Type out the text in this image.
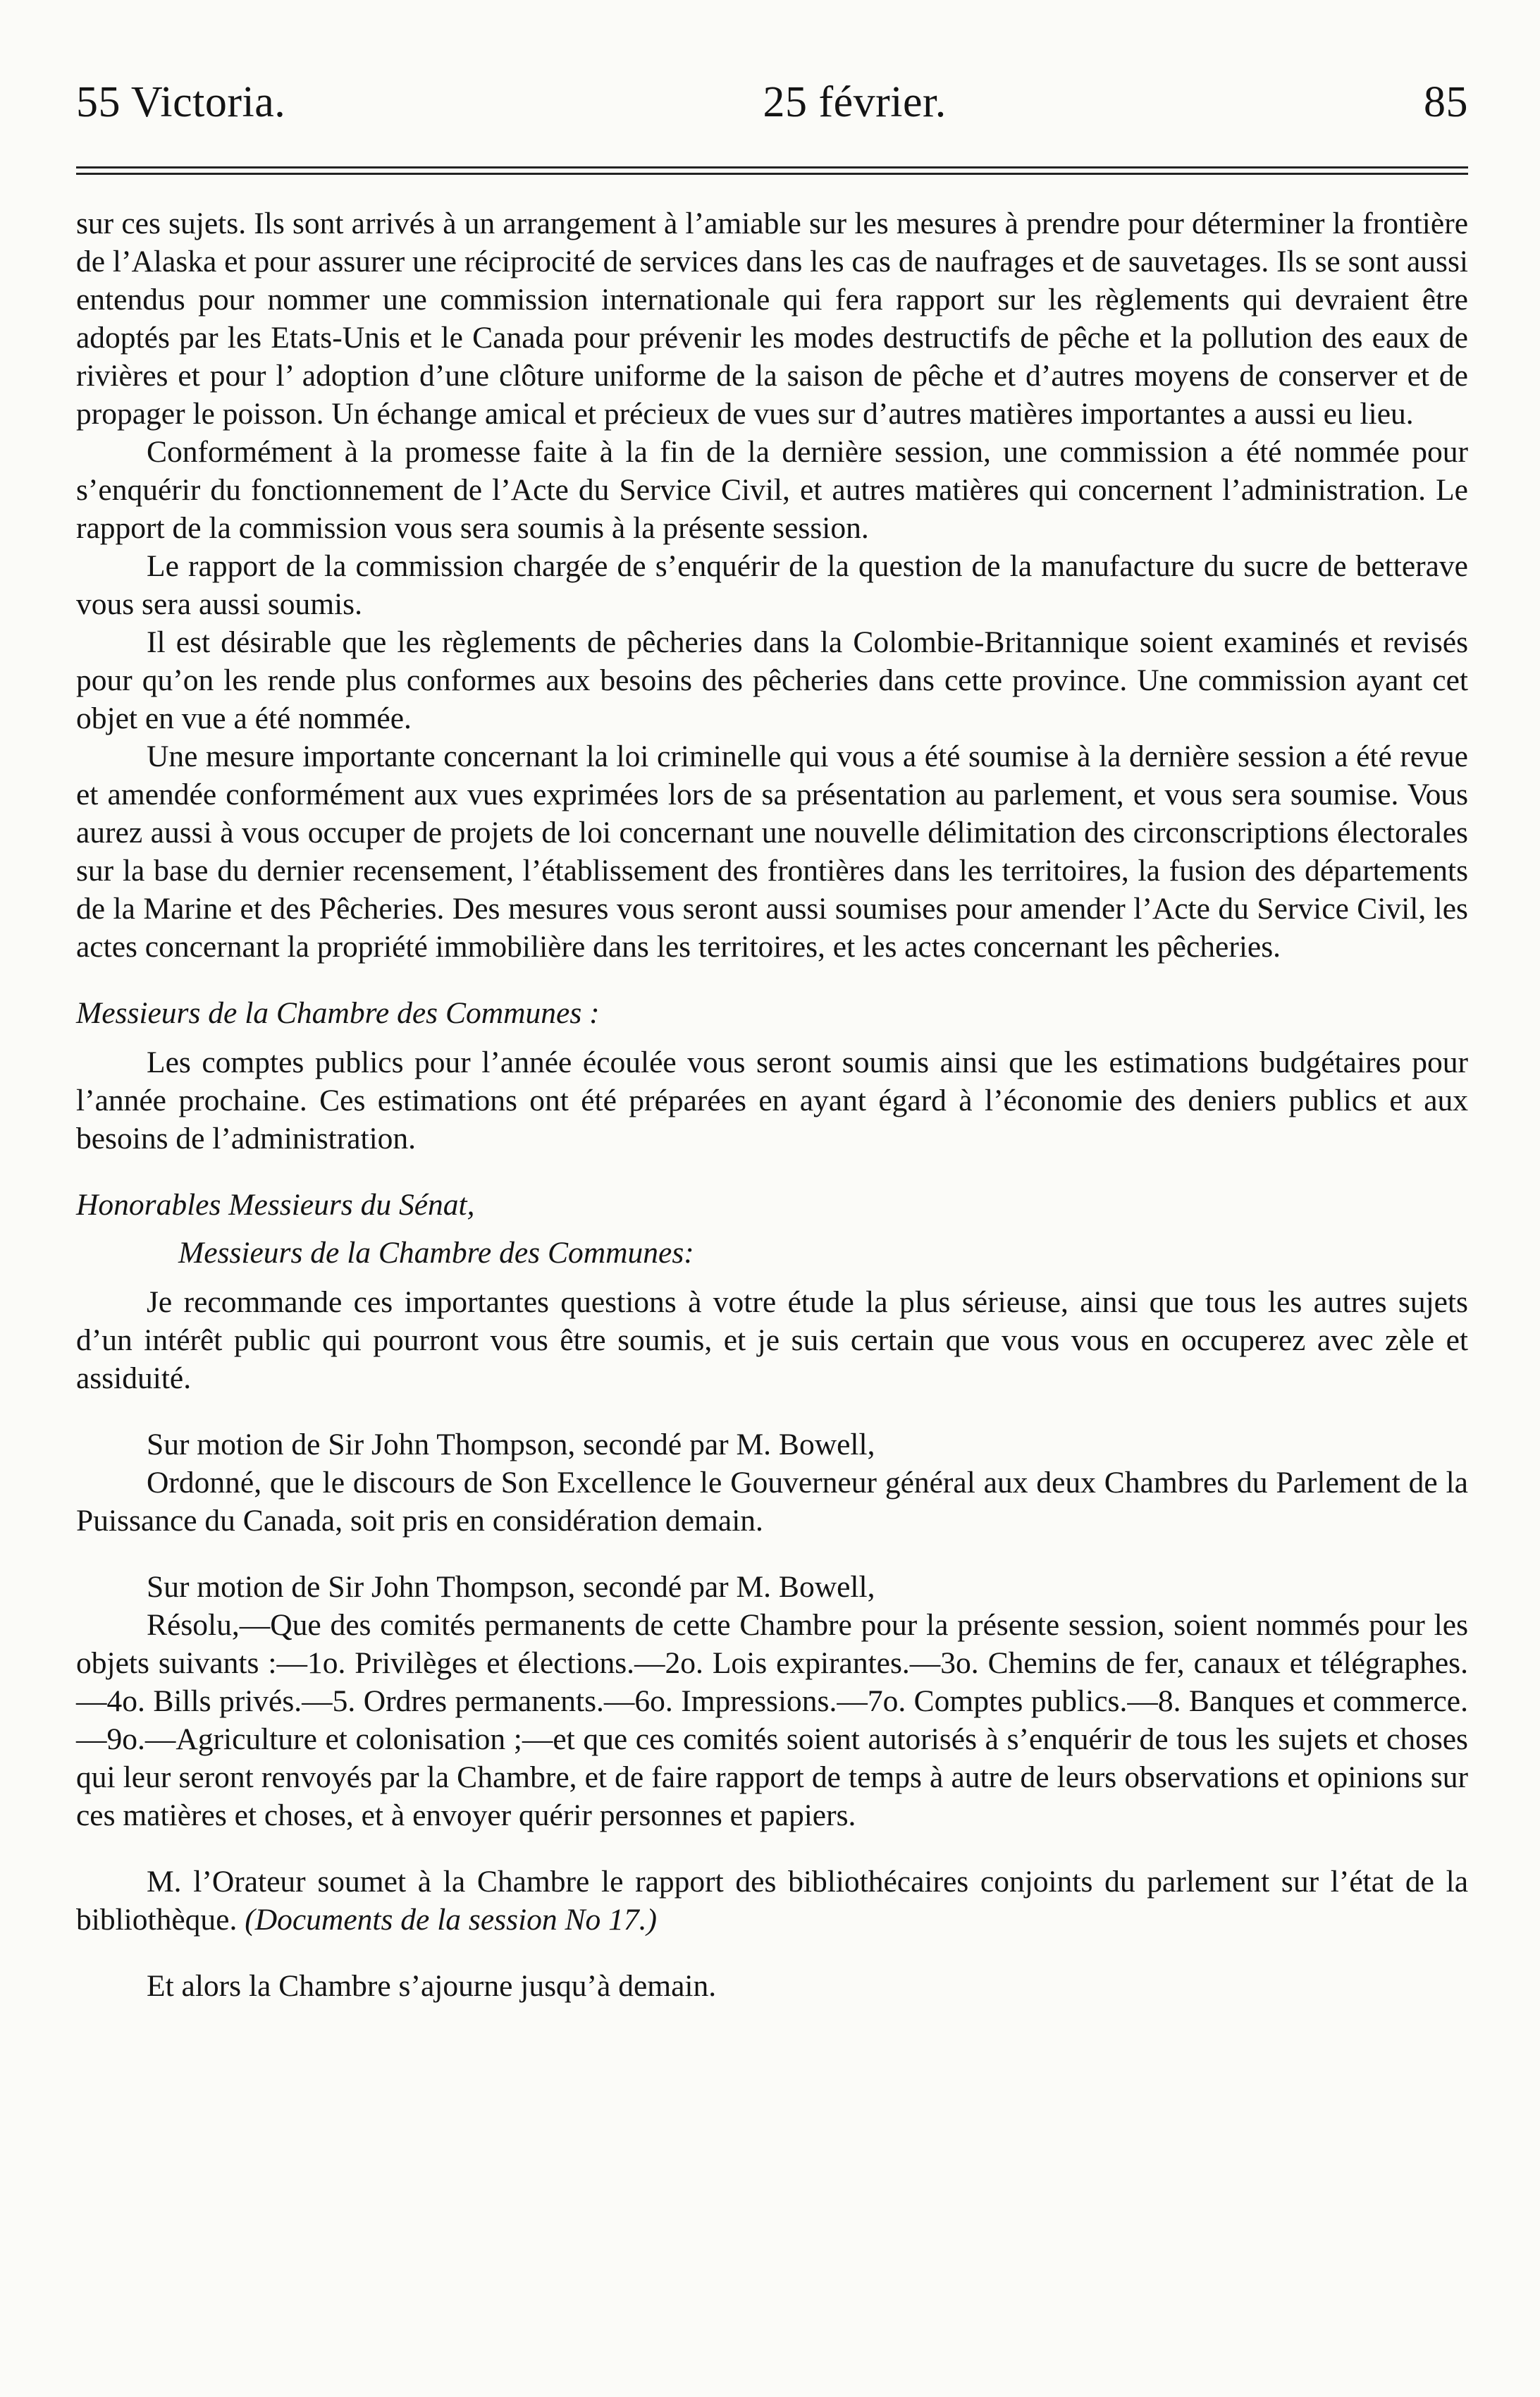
55 Victoria.	25 février.	85

sur ces sujets. Ils sont arrivés à un arrangement à l’amiable sur les mesures à prendre pour déterminer la frontière de l’Alaska et pour assurer une réciprocité de services dans les cas de naufrages et de sauvetages. Ils se sont aussi entendus pour nommer une commission internationale qui fera rapport sur les règlements qui devraient être adoptés par les Etats-Unis et le Canada pour prévenir les modes destructifs de pêche et la pollution des eaux de rivières et pour l’ adoption d’une clôture uniforme de la saison de pêche et d’autres moyens de conserver et de propager le poisson. Un échange amical et précieux de vues sur d’autres matières importantes a aussi eu lieu.

Conformément à la promesse faite à la fin de la dernière session, une commission a été nommée pour s’enquérir du fonctionnement de l’Acte du Service Civil, et autres matières qui concernent l’administration. Le rapport de la commission vous sera soumis à la présente session.

Le rapport de la commission chargée de s’enquérir de la question de la manufacture du sucre de betterave vous sera aussi soumis.

Il est désirable que les règlements de pêcheries dans la Colombie-Britannique soient examinés et revisés pour qu’on les rende plus conformes aux besoins des pêcheries dans cette province. Une commission ayant cet objet en vue a été nommée.

Une mesure importante concernant la loi criminelle qui vous a été soumise à la dernière session a été revue et amendée conformément aux vues exprimées lors de sa présentation au parlement, et vous sera soumise. Vous aurez aussi à vous occuper de projets de loi concernant une nouvelle délimitation des circonscriptions électorales sur la base du dernier recensement, l’établissement des frontières dans les territoires, la fusion des départements de la Marine et des Pêcheries. Des mesures vous seront aussi soumises pour amender l’Acte du Service Civil, les actes concernant la propriété immobilière dans les territoires, et les actes concernant les pêcheries.

Messieurs de la Chambre des Communes :

Les comptes publics pour l’année écoulée vous seront soumis ainsi que les estimations budgétaires pour l’année prochaine. Ces estimations ont été préparées en ayant égard à l’économie des deniers publics et aux besoins de l’administration.

Honorables Messieurs du Sénat,

Messieurs de la Chambre des Communes:

Je recommande ces importantes questions à votre étude la plus sérieuse, ainsi que tous les autres sujets d’un intérêt public qui pourront vous être soumis, et je suis certain que vous vous en occuperez avec zèle et assiduité.

Sur motion de Sir John Thompson, secondé par M. Bowell,

Ordonné, que le discours de Son Excellence le Gouverneur général aux deux Chambres du Parlement de la Puissance du Canada, soit pris en considération demain.

Sur motion de Sir John Thompson, secondé par M. Bowell,

Résolu,—Que des comités permanents de cette Chambre pour la présente session, soient nommés pour les objets suivants :—1o. Privilèges et élections.—2o. Lois expirantes.—3o. Chemins de fer, canaux et télégraphes.—4o. Bills privés.—5. Ordres permanents.—6o. Impressions.—7o. Comptes publics.—8. Banques et commerce.—9o.—Agriculture et colonisation ;—et que ces comités soient autorisés à s’enquérir de tous les sujets et choses qui leur seront renvoyés par la Chambre, et de faire rapport de temps à autre de leurs observations et opinions sur ces matières et choses, et à envoyer quérir personnes et papiers.

M. l’Orateur soumet à la Chambre le rapport des bibliothécaires conjoints du parlement sur l’état de la bibliothèque. (Documents de la session No 17.)

Et alors la Chambre s’ajourne jusqu’à demain.
